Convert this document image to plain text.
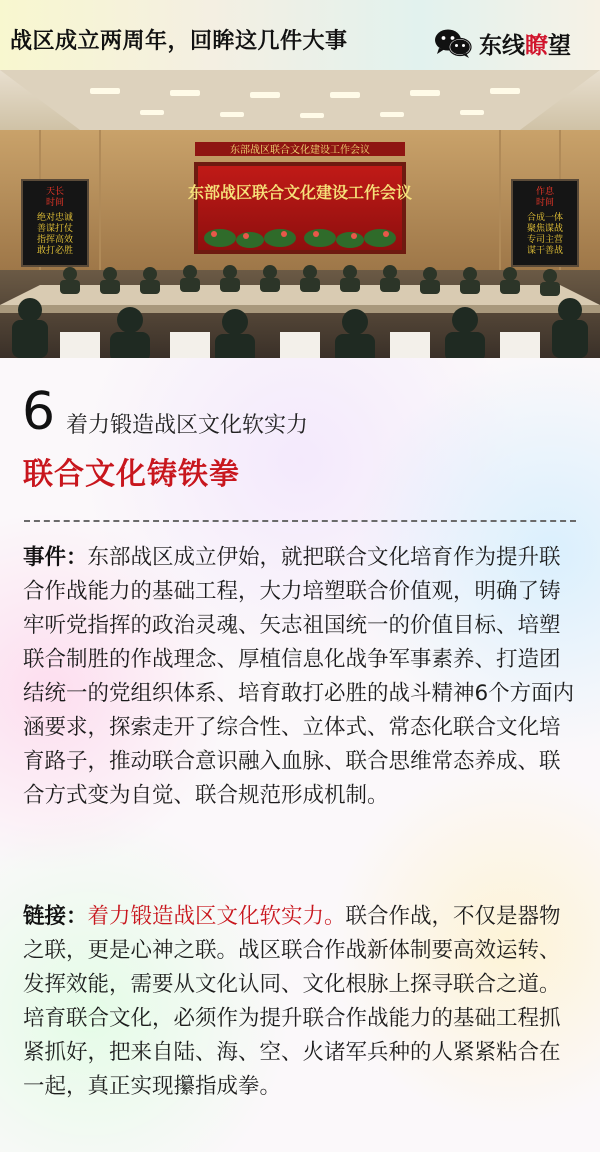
战区成立两周年，回眸这几件大事	东线 瞭 望
东部战区联合文化建设工作会议
东部战区联合文化建设工作会议
天长
时间
绝对忠诚
善谋打仗
指挥高效
敢打必胜
作息
时间
合成一体
聚焦谋战
专司主营
谋干善战
6 着力锻造战区文化软实力
联合文化铸铁拳

事件：东部战区成立伊始，就把联合文化培育作为提升联合作战能力的基础工程，大力培塑联合价值观，明确了铸牢听党指挥的政治灵魂、矢志祖国统一的价值目标、培塑联合制胜的作战理念、厚植信息化战争军事素养、打造团结统一的党组织体系、培育敢打必胜的战斗精神6个方面内涵要求，探索走开了综合性、立体式、常态化联合文化培育路子，推动联合意识融入血脉、联合思维常态养成、联合方式变为自觉、联合规范形成机制。

链接：着力锻造战区文化软实力。联合作战，不仅是器物之联，更是心神之联。战区联合作战新体制要高效运转、发挥效能，需要从文化认同、文化根脉上探寻联合之道。培育联合文化，必须作为提升联合作战能力的基础工程抓紧抓好，把来自陆、海、空、火诸军兵种的人紧紧粘合在一起，真正实现攥指成拳。
